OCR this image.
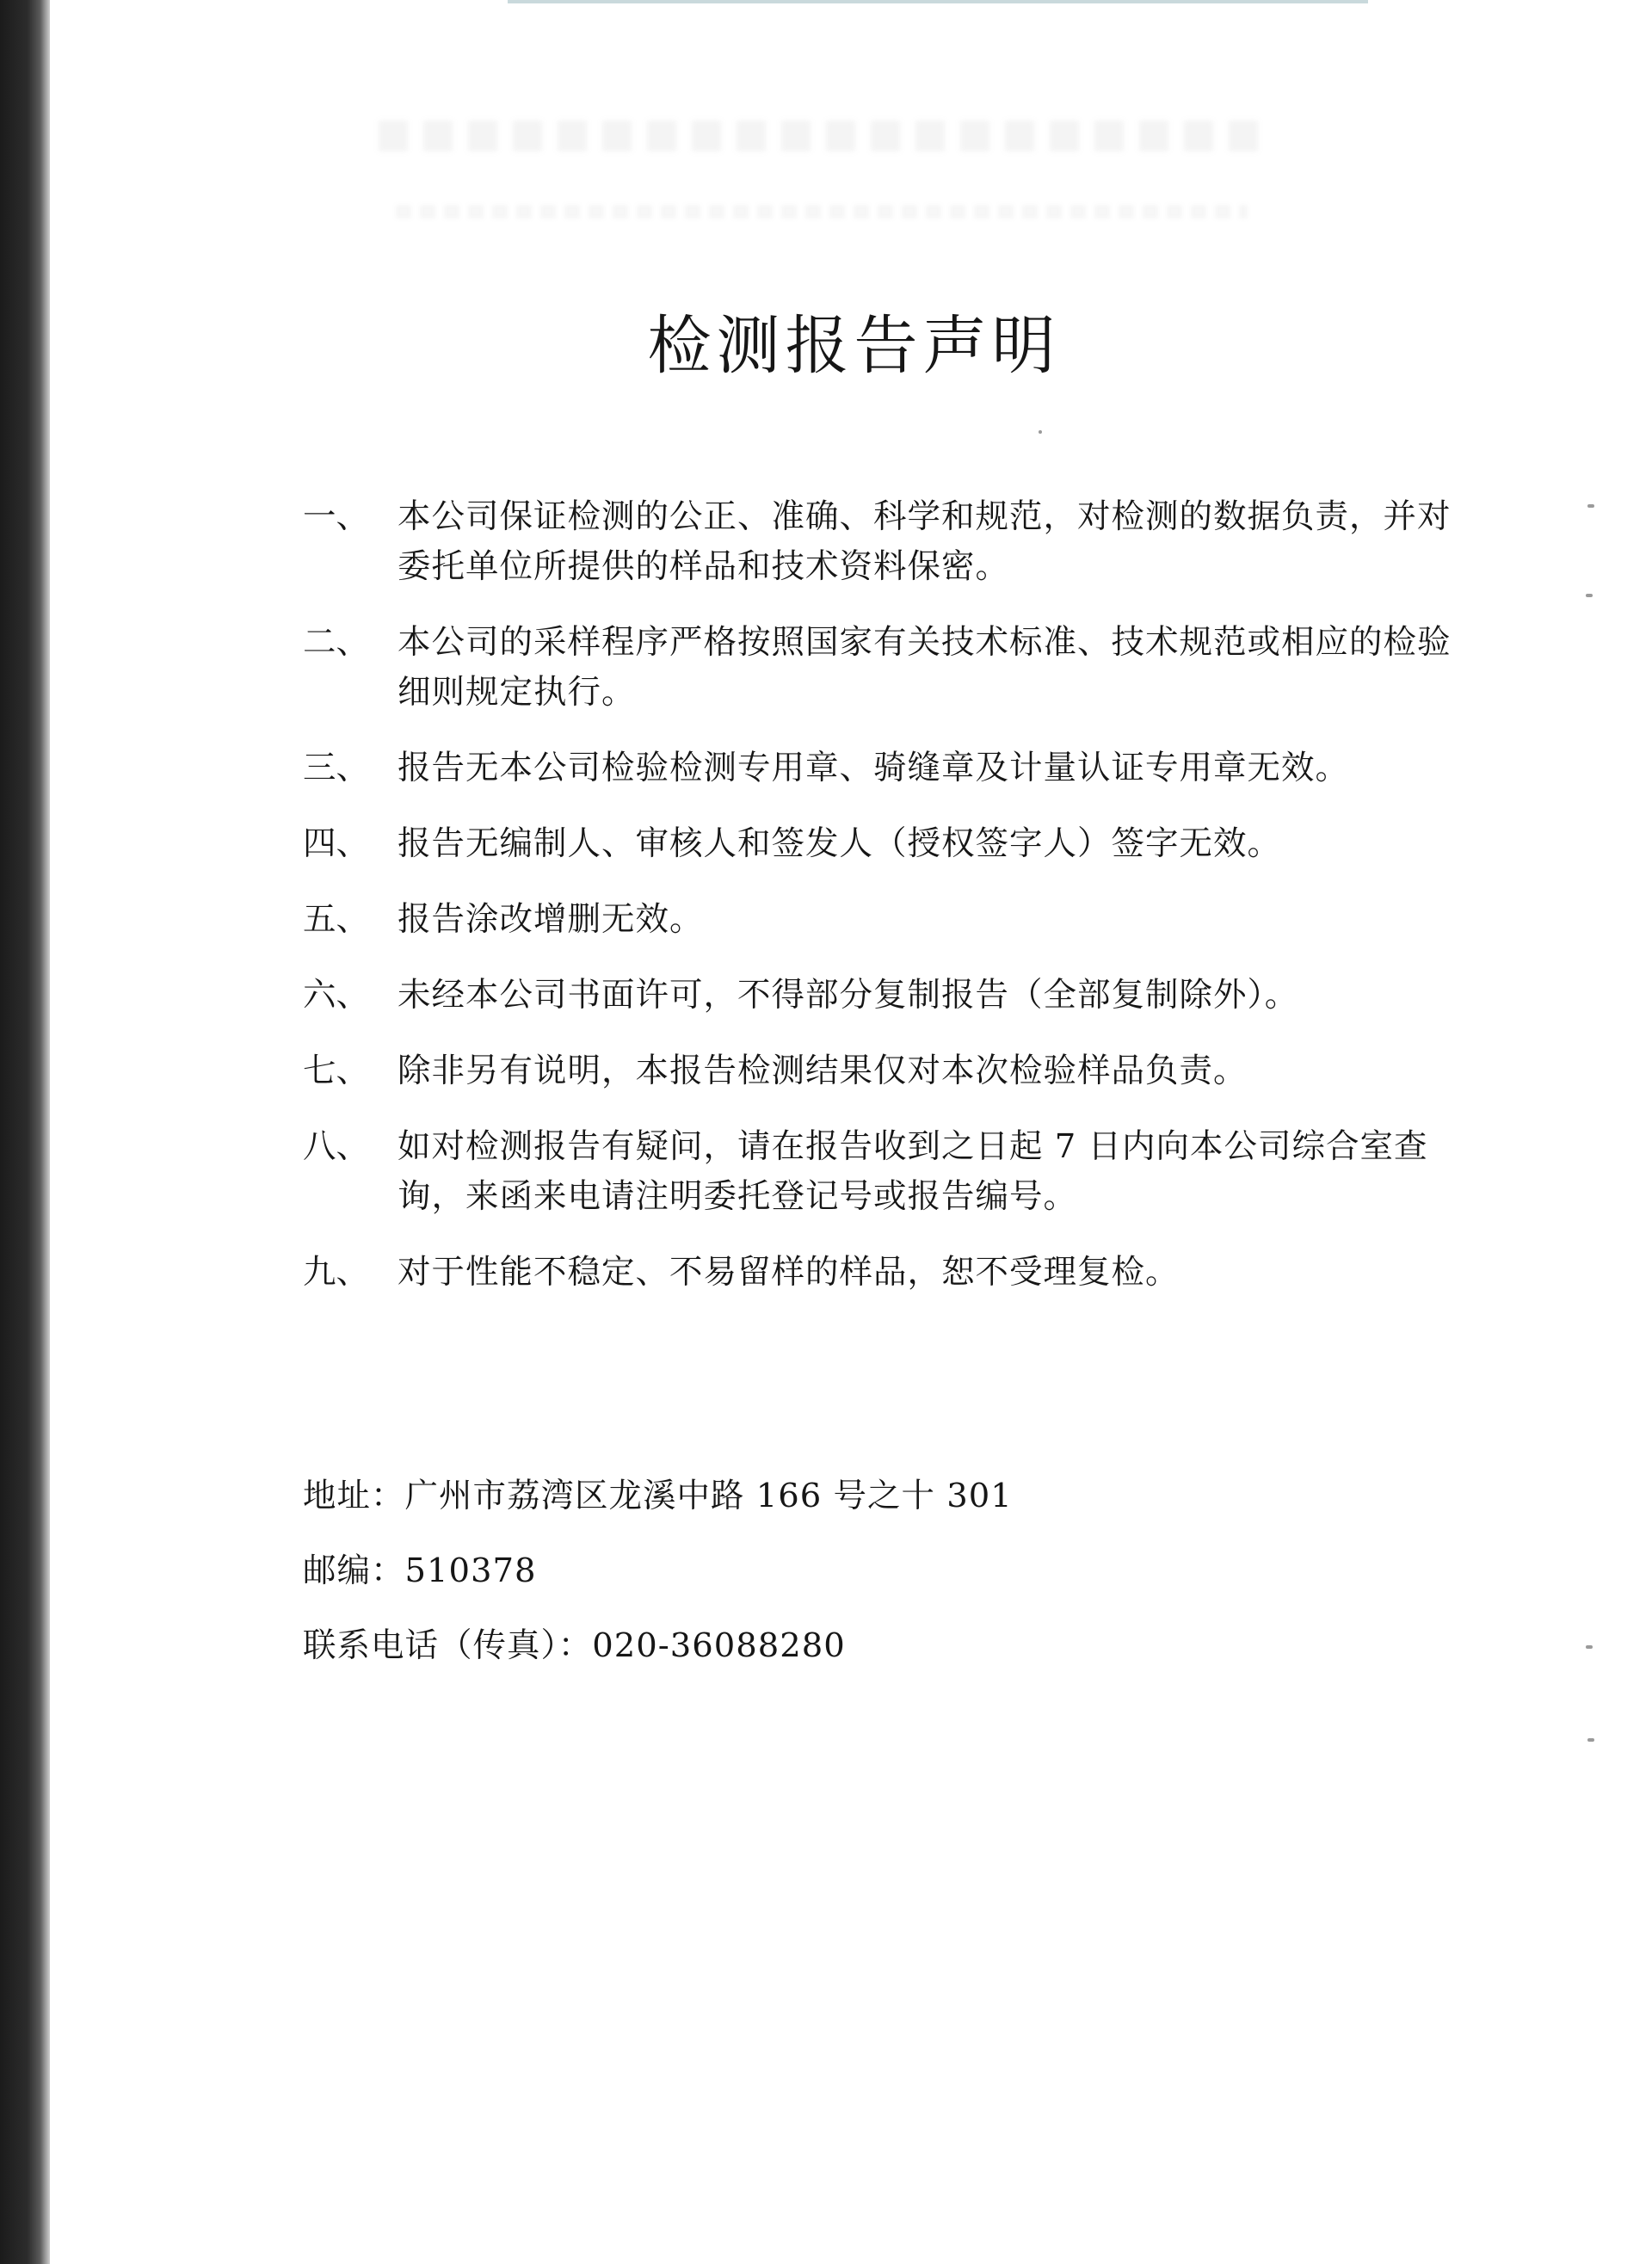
检测报告声明
一、 本公司保证检测的公正、准确、科学和规范，对检测的数据负责，并对委托单位所提供的样品和技术资料保密。
二、 本公司的采样程序严格按照国家有关技术标准、技术规范或相应的检验细则规定执行。
三、 报告无本公司检验检测专用章、骑缝章及计量认证专用章无效。
四、 报告无编制人、审核人和签发人（授权签字人）签字无效。
五、 报告涂改增删无效。
六、 未经本公司书面许可，不得部分复制报告（全部复制除外）。
七、 除非另有说明，本报告检测结果仅对本次检验样品负责。
八、 如对检测报告有疑问，请在报告收到之日起 7 日内向本公司综合室查询，来函来电请注明委托登记号或报告编号。
九、 对于性能不稳定、不易留样的样品，恕不受理复检。
地址：广州市荔湾区龙溪中路 166 号之十 301
邮编：510378
联系电话（传真）：020-36088280
